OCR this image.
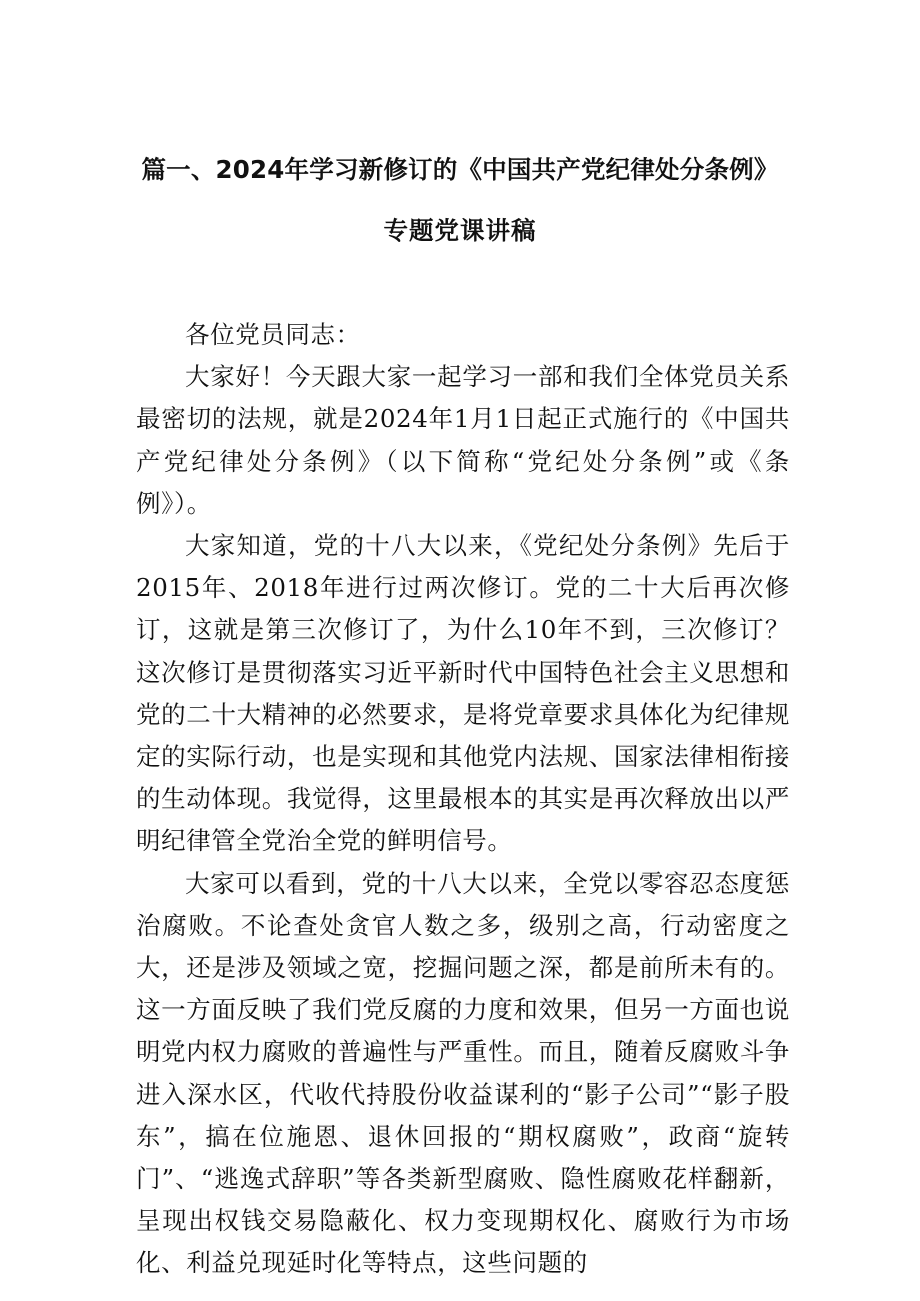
篇一、2024年学习新修订的《中国共产党纪律处分条例》
专题党课讲稿

各位党员同志：

大家好！今天跟大家一起学习一部和我们全体党员关系最密切的法规，就是2024年1月1日起正式施行的《中国共产党纪律处分条例》（以下简称“党纪处分条例”或《条例》）。

大家知道，党的十八大以来，《党纪处分条例》先后于2015年、2018年进行过两次修订。党的二十大后再次修订，这就是第三次修订了，为什么10年不到，三次修订？这次修订是贯彻落实习近平新时代中国特色社会主义思想和党的二十大精神的必然要求，是将党章要求具体化为纪律规定的实际行动，也是实现和其他党内法规、国家法律相衔接的生动体现。我觉得，这里最根本的其实是再次释放出以严明纪律管全党治全党的鲜明信号。

大家可以看到，党的十八大以来，全党以零容忍态度惩治腐败。不论查处贪官人数之多，级别之高，行动密度之大，还是涉及领域之宽，挖掘问题之深，都是前所未有的。这一方面反映了我们党反腐的力度和效果，但另一方面也说明党内权力腐败的普遍性与严重性。而且，随着反腐败斗争进入深水区，代收代持股份收益谋利的“影子公司”“影子股东”，搞在位施恩、退休回报的“期权腐败”，政商“旋转门”、“逃逸式辞职”等各类新型腐败、隐性腐败花样翻新，呈现出权钱交易隐蔽化、权力变现期权化、腐败行为市场化、利益兑现延时化等特点，这些问题的
